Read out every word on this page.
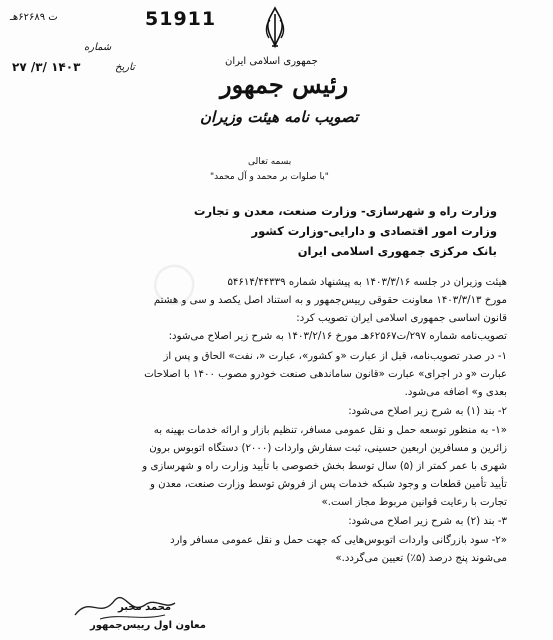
◯
51911
ت ۶۲۶۸۹هـ
شماره
تاریخ
۱۴۰۳ /۳/ ۲۷	جمهوری اسلامی ایران
رئیس جمهور
تصویب نامه هیئت وزیران
بسمه تعالی
"با صلوات بر محمد و آل محمد"
وزارت راه و شهرسازی- وزارت صنعت، معدن و تجارت
وزارت امور اقتصادی و دارایی-وزارت کشور
بانک مرکزی جمهوری اسلامی ایران
هیئت وزیران در جلسه ۱۴۰۳/۳/۱۶ به پیشنهاد شماره ۵۴۶۱۴/۴۴۳۳۹
مورخ ۱۴۰۳/۳/۱۳ معاونت حقوقی رییس‌جمهور و به استناد اصل یکصد و سی و هشتم
قانون اساسی جمهوری اسلامی ایران تصویب کرد:
تصویب‌نامه شماره ۲۹۷/ت۶۲۵۶۷هـ مورخ ۱۴۰۳/۲/۱۶ به شرح زیر اصلاح می‌شود:
۱- در صدر تصویب‌نامه، قبل از عبارت «و کشور»، عبارت «، نفت» الحاق و پس از
عبارت «و در اجرای» عبارت «قانون ساماندهی صنعت خودرو مصوب ۱۴۰۰ با اصلاحات
بعدی و» اضافه می‌شود.
۲- بند (۱) به شرح زیر اصلاح می‌شود:
«۱- به منظور توسعه حمل و نقل عمومی مسافر، تنظیم بازار و ارائه خدمات بهینه به
زائرین و مسافرین اربعین حسینی، ثبت سفارش واردات (۲۰۰۰) دستگاه اتوبوس برون
شهری با عمر کمتر از (۵) سال توسط بخش خصوصی با تأیید وزارت راه و شهرسازی و
تأیید تأمین قطعات و وجود شبکه خدمات پس از فروش توسط وزارت صنعت، معدن و
تجارت با رعایت قوانین مربوط مجاز است.»
۳- بند (۲) به شرح زیر اصلاح می‌شود:
«۲- سود بازرگانی واردات اتوبوس‌هایی که جهت حمل و نقل عمومی مسافر وارد
می‌شوند پنج درصد (۵٪) تعیین می‌گردد.»
محمد مخبر
معاون اول رییس‌جمهور
